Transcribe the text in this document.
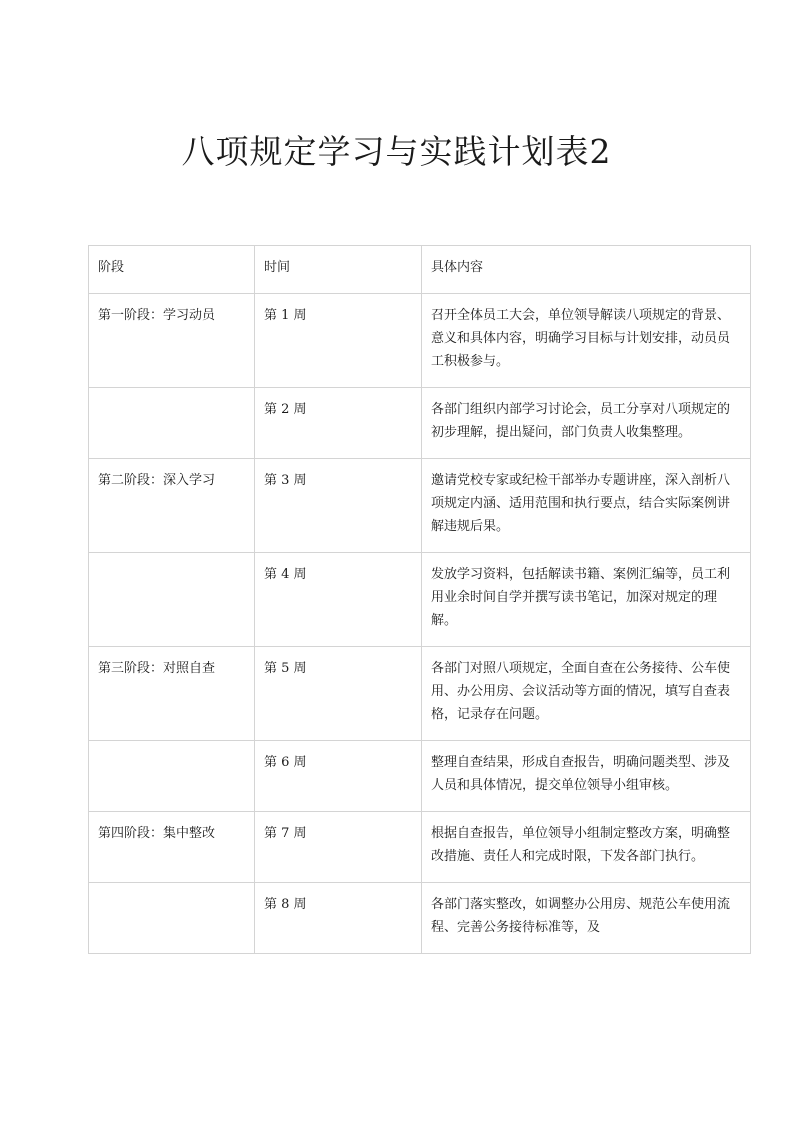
八项规定学习与实践计划表2
阶段	时间	具体内容
第一阶段：学习动员	第 1 周	召开全体员工大会，单位领导解读八项规定的背景、意义和具体内容，明确学习目标与计划安排，动员员工积极参与。
	第 2 周	各部门组织内部学习讨论会，员工分享对八项规定的初步理解，提出疑问，部门负责人收集整理。
第二阶段：深入学习	第 3 周	邀请党校专家或纪检干部举办专题讲座，深入剖析八项规定内涵、适用范围和执行要点，结合实际案例讲解违规后果。
	第 4 周	发放学习资料，包括解读书籍、案例汇编等，员工利用业余时间自学并撰写读书笔记，加深对规定的理解。
第三阶段：对照自查	第 5 周	各部门对照八项规定，全面自查在公务接待、公车使用、办公用房、会议活动等方面的情况，填写自查表格，记录存在问题。
	第 6 周	整理自查结果，形成自查报告，明确问题类型、涉及人员和具体情况，提交单位领导小组审核。
第四阶段：集中整改	第 7 周	根据自查报告，单位领导小组制定整改方案，明确整改措施、责任人和完成时限，下发各部门执行。
	第 8 周	各部门落实整改，如调整办公用房、规范公车使用流程、完善公务接待标准等，及
